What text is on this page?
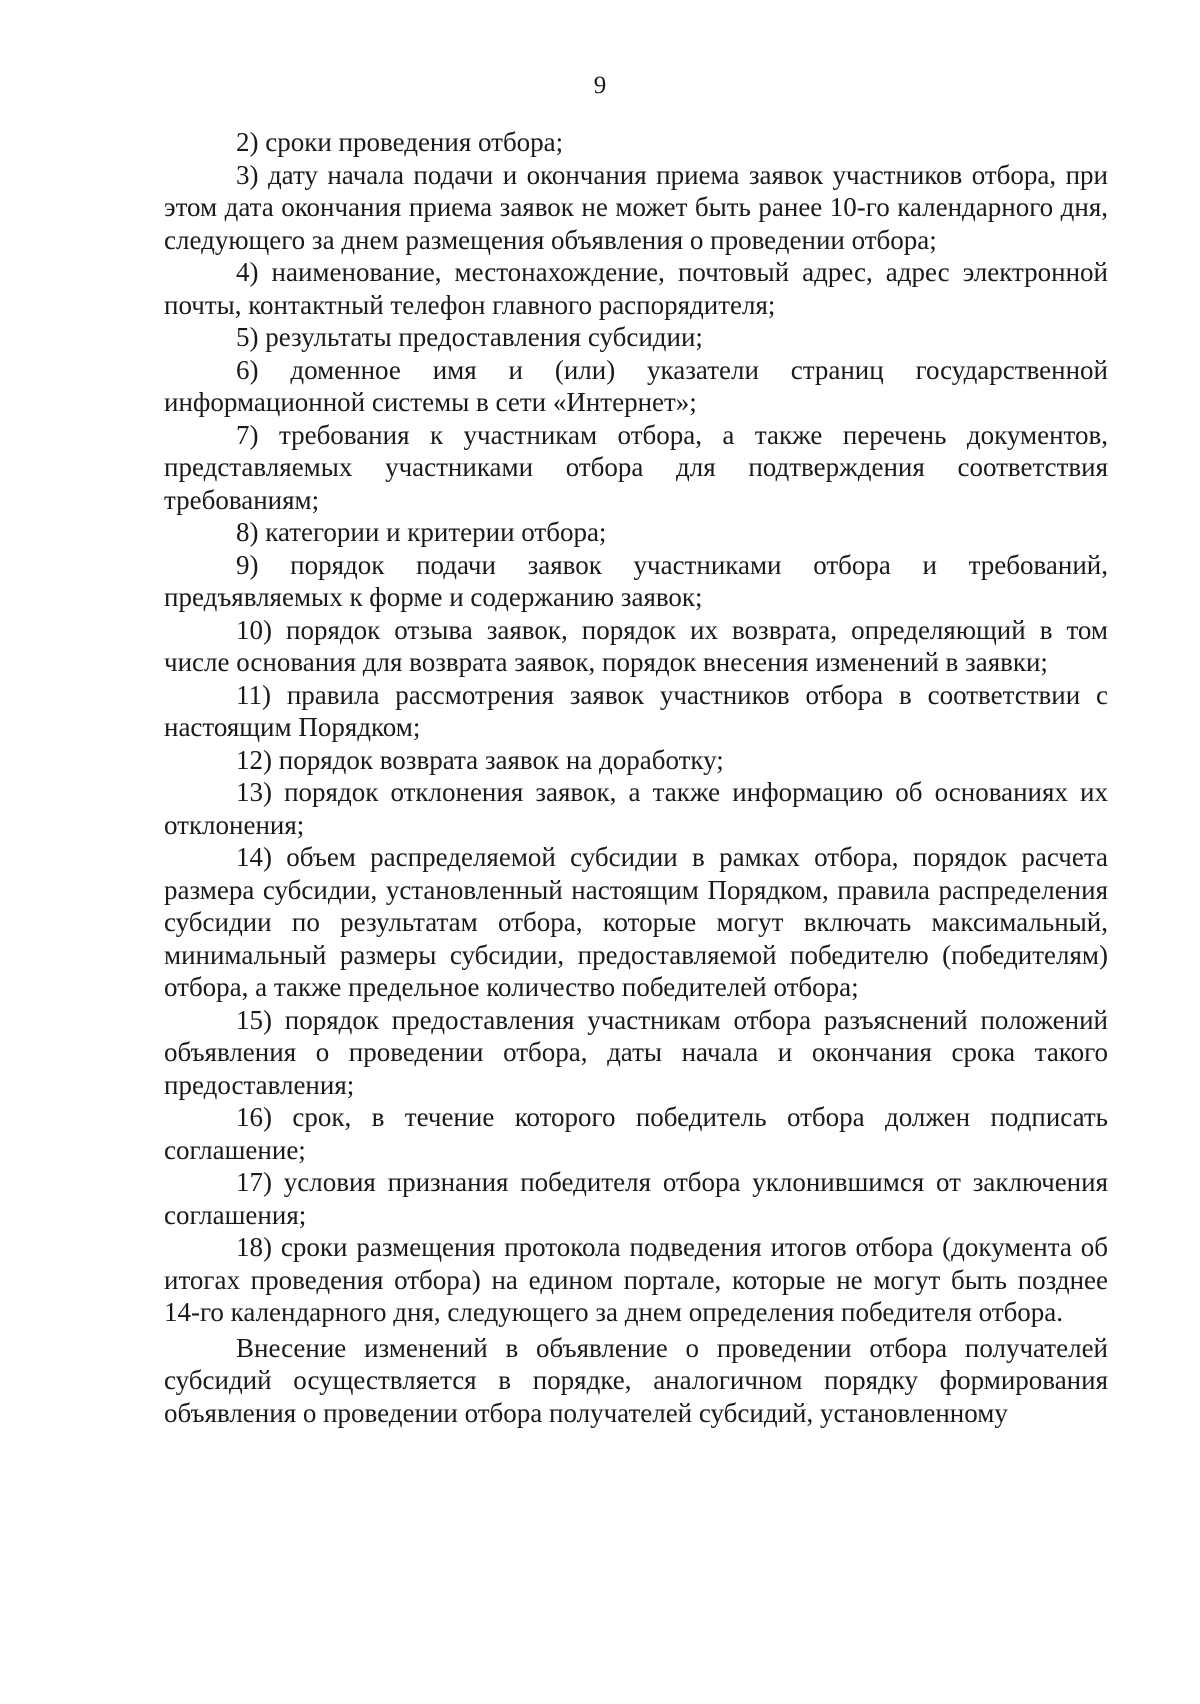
9

2) сроки проведения отбора;

3) дату начала подачи и окончания приема заявок участников отбора, при этом дата окончания приема заявок не может быть ранее 10-го календарного дня, следующего за днем размещения объявления о проведении отбора;

4) наименование, местонахождение, почтовый адрес, адрес электронной почты, контактный телефон главного распорядителя;

5) результаты предоставления субсидии;

6) доменное имя и (или) указатели страниц государственной информационной системы в сети «Интернет»;

7) требования к участникам отбора, а также перечень документов, представляемых участниками отбора для подтверждения соответствия требованиям;

8) категории и критерии отбора;

9) порядок подачи заявок участниками отбора и требований, предъявляемых к форме и содержанию заявок;

10) порядок отзыва заявок, порядок их возврата, определяющий в том числе основания для возврата заявок, порядок внесения изменений в заявки;

11) правила рассмотрения заявок участников отбора в соответствии с настоящим Порядком;

12) порядок возврата заявок на доработку;

13) порядок отклонения заявок, а также информацию об основаниях их отклонения;

14) объем распределяемой субсидии в рамках отбора, порядок расчета размера субсидии, установленный настоящим Порядком, правила распределения субсидии по результатам отбора, которые могут включать максимальный, минимальный размеры субсидии, предоставляемой победителю (победителям) отбора, а также предельное количество победителей отбора;

15) порядок предоставления участникам отбора разъяснений положений объявления о проведении отбора, даты начала и окончания срока такого предоставления;

16) срок, в течение которого победитель отбора должен подписать соглашение;

17) условия признания победителя отбора уклонившимся от заключения соглашения;

18) сроки размещения протокола подведения итогов отбора (документа об итогах проведения отбора) на едином портале, которые не могут быть позднее 14-го календарного дня, следующего за днем определения победителя отбора.

Внесение изменений в объявление о проведении отбора получателей субсидий осуществляется в порядке, аналогичном порядку формирования объявления о проведении отбора получателей субсидий, установленному
